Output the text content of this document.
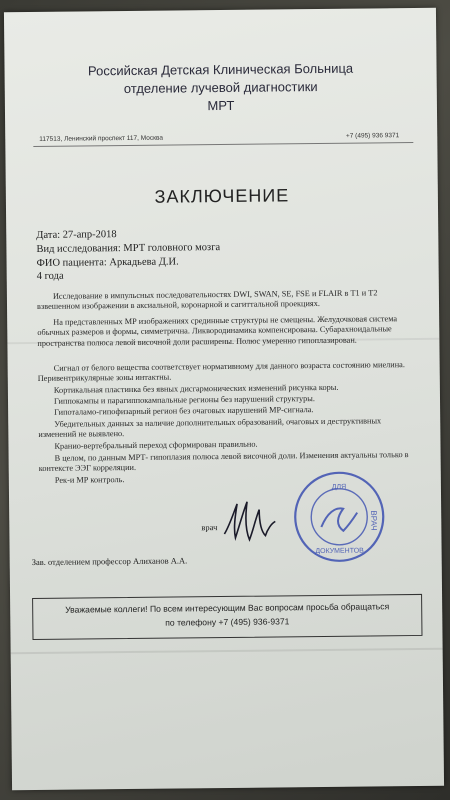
Российская Детская Клиническая Больница
отделение лучевой диагностики
МРТ
117513, Ленинский проспект 117, Москва	+7 (495) 936 9371
ЗАКЛЮЧЕНИЕ
Дата: 27-апр-2018
Вид исследования: МРТ головного мозга
ФИО пациента: Аркадьева Д.И.
4 года
Исследование в импульсных последовательностях DWI, SWAN, SE, FSE и FLAIR в T1 и T2 взвешенном изображении в аксиальной, коронарной и сагиттальной проекциях.
На представленных МР изображениях срединные структуры не смещены. Желудочковая система обычных размеров и формы, симметрична. Ликвородинамика компенсирована. Субарахноидальные пространства полюса левой височной доли расширены. Полюс умеренно гипоплазирован.
Сигнал от белого вещества соответствует нормативному для данного возраста состоянию миелина. Перивентрикулярные зоны интактны.
Кортикальная пластинка без явных дисгармонических изменений рисунка коры.
Гиппокампы и парагиппокампальные регионы без нарушений структуры.
Гипоталамо-гипофизарный регион без очаговых нарушений МР-сигнала.
Убедительных данных за наличие дополнительных образований, очаговых и деструктивных изменений не выявлено.
Кранио-вертебральный переход сформирован правильно.
В целом, по данным МРТ- гипоплазия полюса левой височной доли. Изменения актуальны только в контексте ЭЭГ корреляции.
Рек-и МР контроль.
врач
ДЛЯ
ДОКУМЕНТОВ
ВРАЧ
Зав. отделением профессор Алиханов А.А.
Уважаемые коллеги! По всем интересующим Вас вопросам просьба обращаться
по телефону +7 (495) 936-9371
